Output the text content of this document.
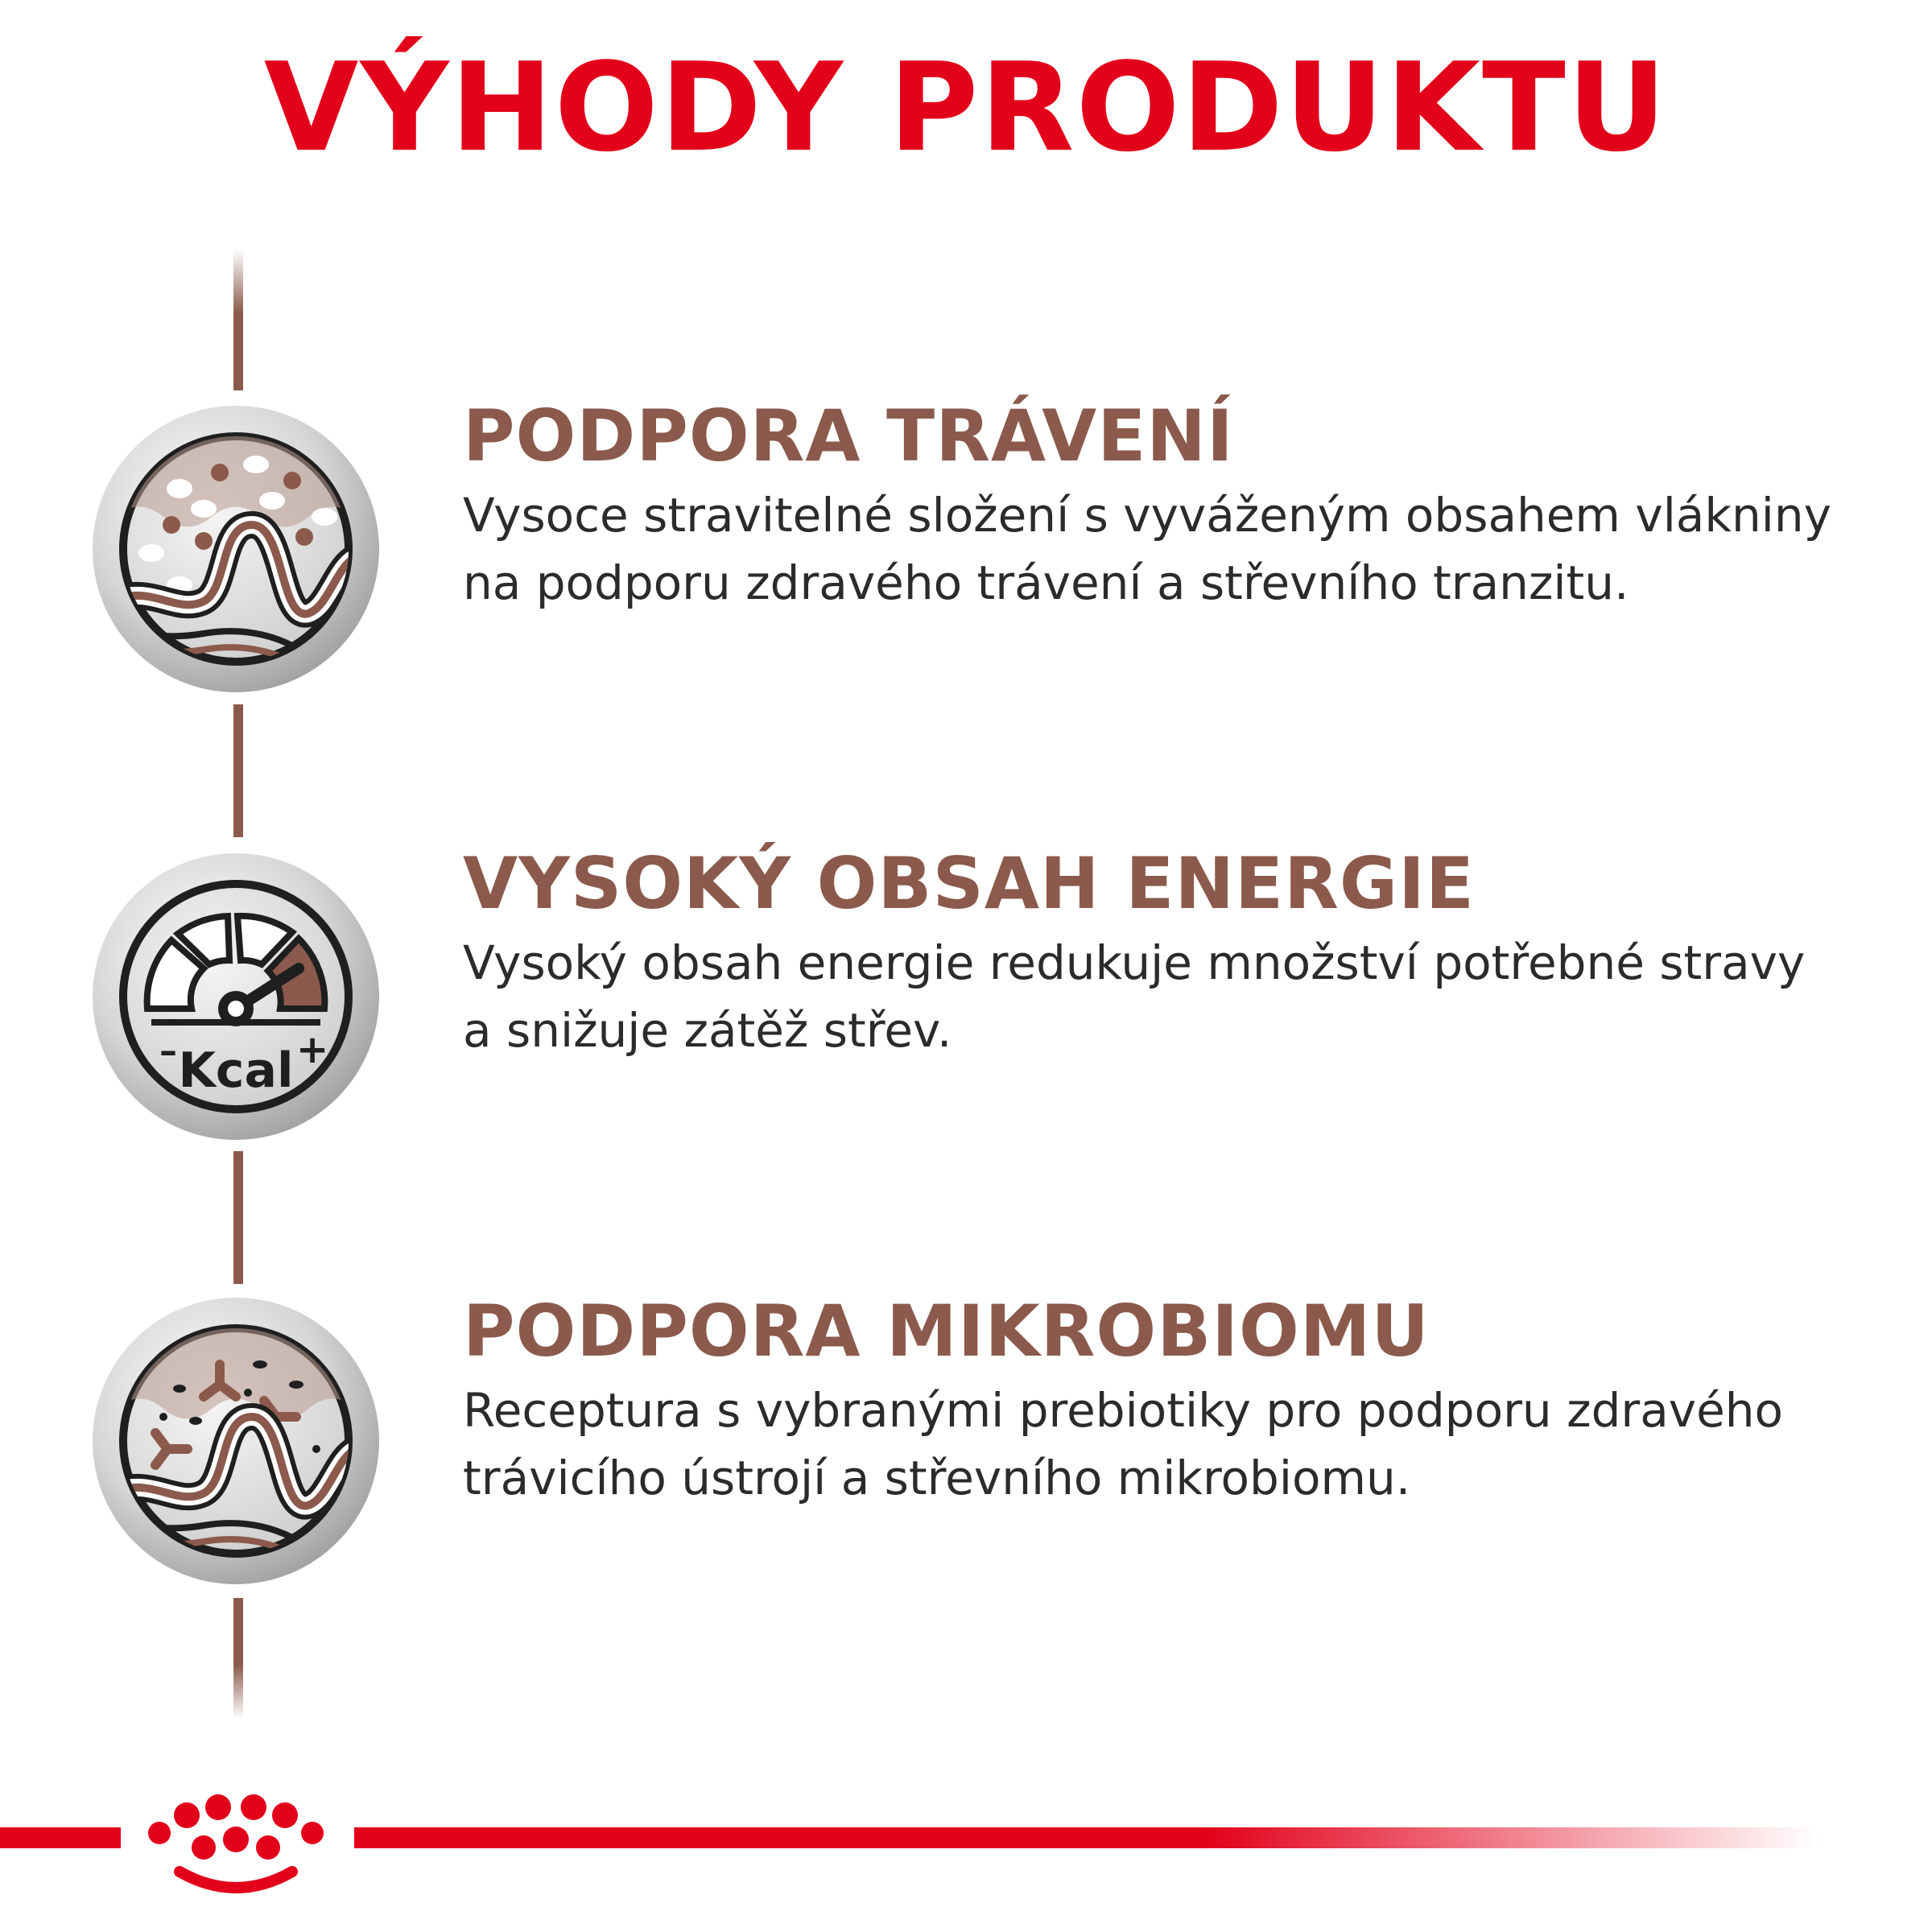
VÝHODY PRODUKTU
–	+
Kcal
PODPORA TRÁVENÍ

Vysoce stravitelné složení s vyváženým obsahem vlákniny

na podporu zdravého trávení a střevního tranzitu.

VYSOKÝ OBSAH ENERGIE

Vysoký obsah energie redukuje množství potřebné stravy

a snižuje zátěž střev.

PODPORA MIKROBIOMU

Receptura s vybranými prebiotiky pro podporu zdravého

trávicího ústrojí a střevního mikrobiomu.
